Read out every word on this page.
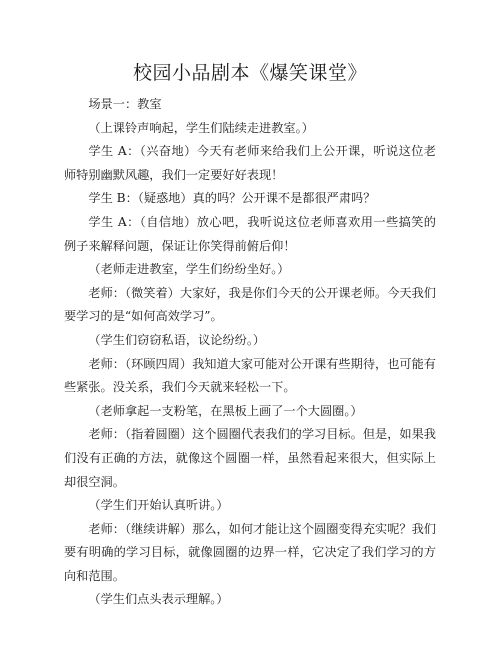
校园小品剧本《爆笑课堂》

场景一：教室

（上课铃声响起，学生们陆续走进教室。）

学生 A：（兴奋地）今天有老师来给我们上公开课，听说这位老师特别幽默风趣，我们一定要好好表现！

学生 B：（疑惑地）真的吗？公开课不是都很严肃吗？

学生 A：（自信地）放心吧，我听说这位老师喜欢用一些搞笑的例子来解释问题，保证让你笑得前俯后仰！

（老师走进教室，学生们纷纷坐好。）

老师：（微笑着）大家好，我是你们今天的公开课老师。今天我们要学习的是“如何高效学习”。

（学生们窃窃私语，议论纷纷。）

老师：（环顾四周）我知道大家可能对公开课有些期待，也可能有些紧张。没关系，我们今天就来轻松一下。

（老师拿起一支粉笔，在黑板上画了一个大圆圈。）

老师：（指着圆圈）这个圆圈代表我们的学习目标。但是，如果我们没有正确的方法，就像这个圆圈一样，虽然看起来很大，但实际上却很空洞。

（学生们开始认真听讲。）

老师：（继续讲解）那么，如何才能让这个圆圈变得充实呢？我们要有明确的学习目标，就像圆圈的边界一样，它决定了我们学习的方向和范围。

（学生们点头表示理解。）
